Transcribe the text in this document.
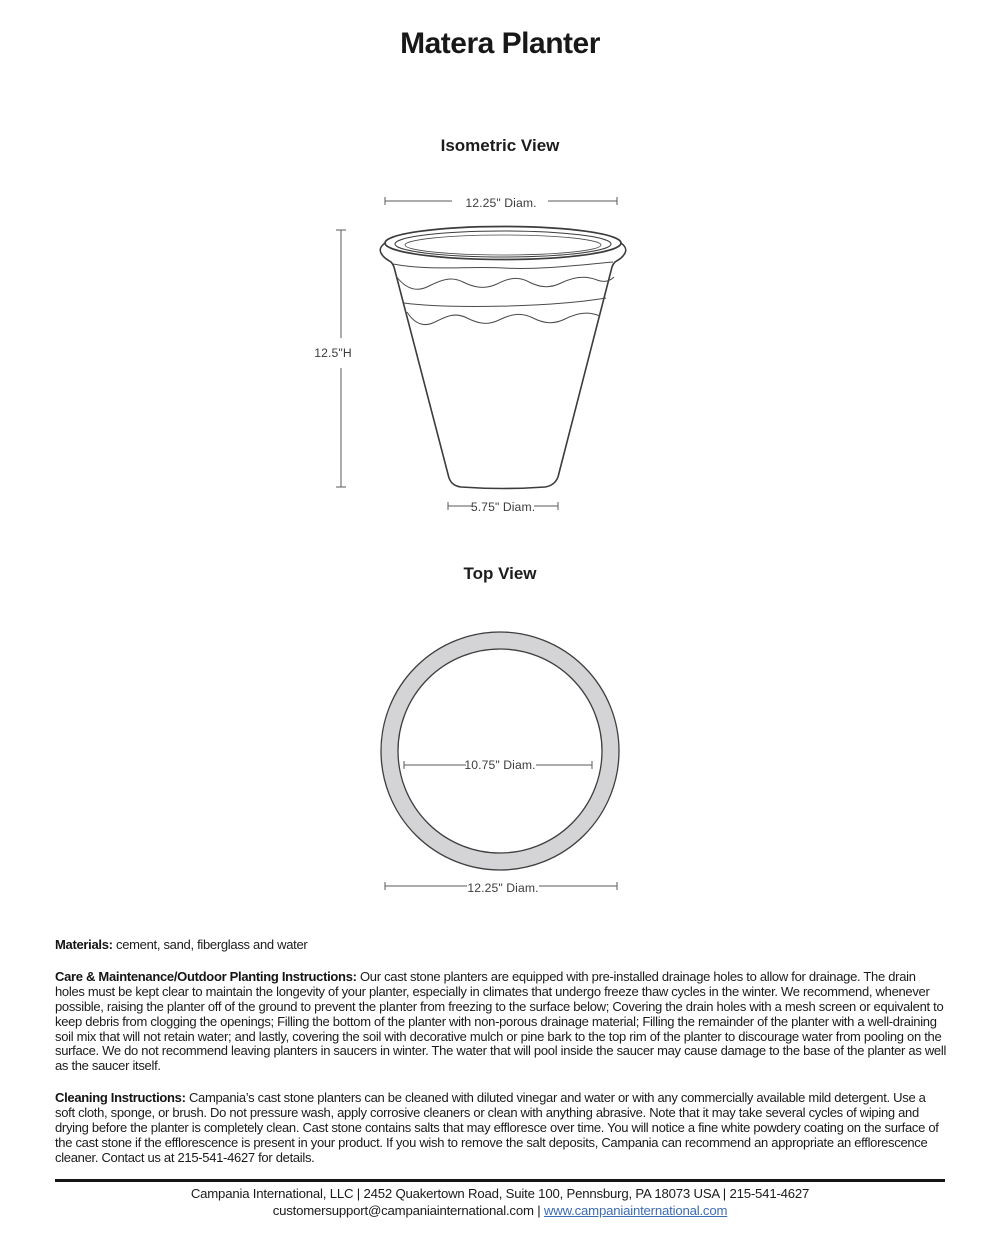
Matera Planter
Isometric View
12.25" Diam.
12.5"H
5.75" Diam.
Top View
10.75" Diam.
12.25" Diam.

Materials: cement, sand, fiberglass and water

Care & Maintenance/Outdoor Planting Instructions: Our cast stone planters are equipped with pre-installed drainage holes to allow for drainage. The drain holes must be kept clear to maintain the longevity of your planter, especially in climates that undergo freeze thaw cycles in the winter. We recommend, whenever possible, raising the planter off of the ground to prevent the planter from freezing to the surface below; Covering the drain holes with a mesh screen or equivalent to keep debris from clogging the openings; Filling the bottom of the planter with non-porous drainage material; Filling the remainder of the planter with a well-draining soil mix that will not retain water; and lastly, covering the soil with decorative mulch or pine bark to the top rim of the planter to discourage water from pooling on the surface. We do not recommend leaving planters in saucers in winter. The water that will pool inside the saucer may cause damage to the base of the planter as well as the saucer itself.

Cleaning Instructions: Campania’s cast stone planters can be cleaned with diluted vinegar and water or with any commercially available mild detergent. Use a soft cloth, sponge, or brush. Do not pressure wash, apply corrosive cleaners or clean with anything abrasive. Note that it may take several cycles of wiping and drying before the planter is completely clean. Cast stone contains salts that may effloresce over time. You will notice a fine white powdery coating on the surface of the cast stone if the efflorescence is present in your product. If you wish to remove the salt deposits, Campania can recommend an appropriate an efflorescence cleaner. Contact us at 215-541-4627 for details.

Campania International, LLC | 2452 Quakertown Road, Suite 100, Pennsburg, PA 18073 USA | 215-541-4627
customersupport@campaniainternational.com | www.campaniainternational.com
